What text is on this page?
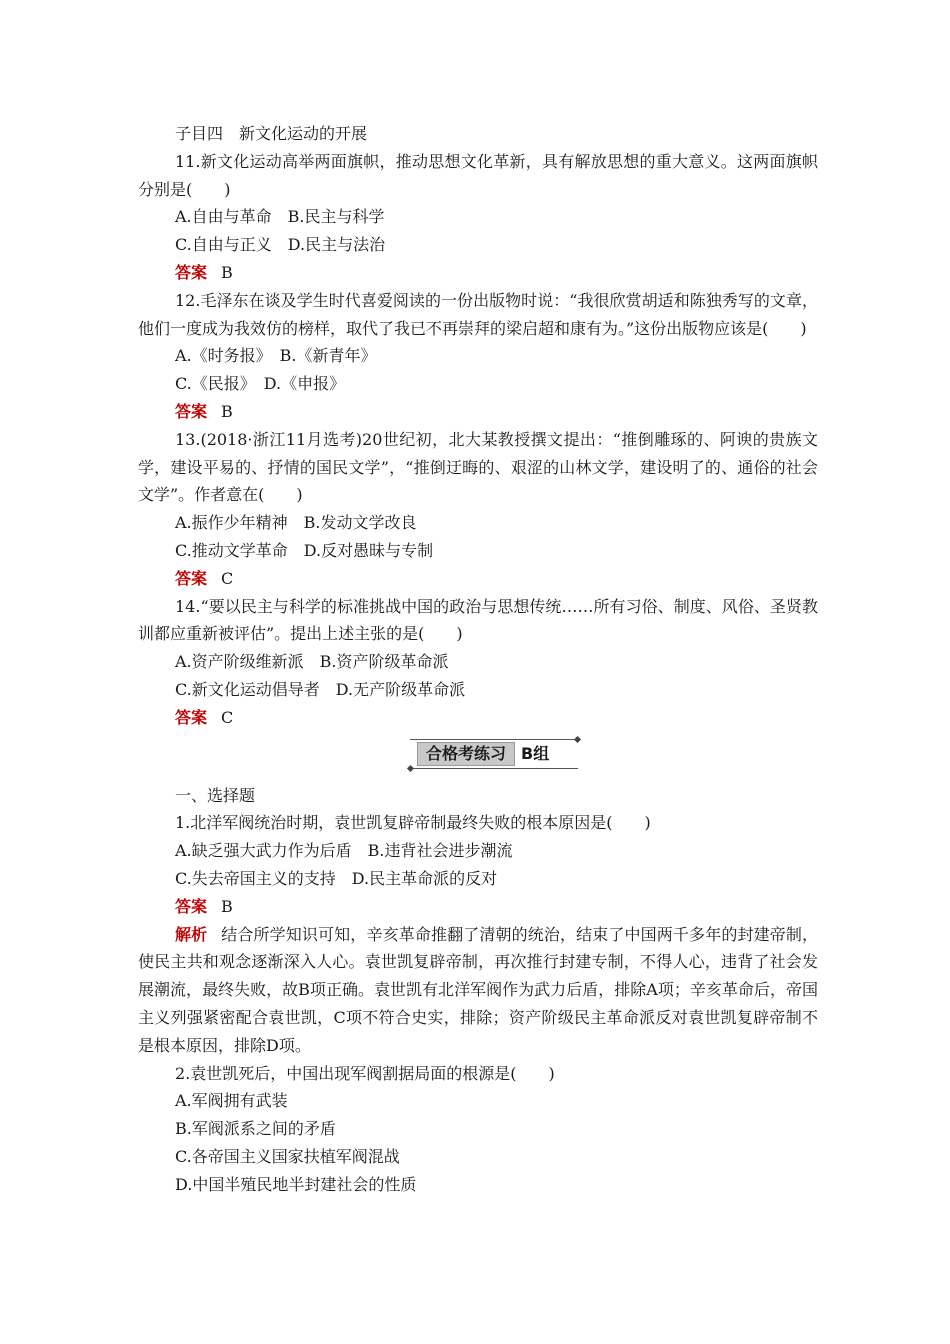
子目四　新文化运动的开展
11.新文化运动高举两面旗帜，推动思想文化革新，具有解放思想的重大意义。这两面旗帜分别是(　　)
A.自由与革命　B.民主与科学
C.自由与正义　D.民主与法治
答案 B
12.毛泽东在谈及学生时代喜爱阅读的一份出版物时说：“我很欣赏胡适和陈独秀写的文章，他们一度成为我效仿的榜样，取代了我已不再崇拜的梁启超和康有为。”这份出版物应该是(　　)
A.《时务报》　B.《新青年》
C.《民报》　D.《申报》
答案 B
13.(2018·浙江11月选考)20世纪初，北大某教授撰文提出：“推倒雕琢的、阿谀的贵族文学，建设平易的、抒情的国民文学”，“推倒迂晦的、艰涩的山林文学，建设明了的、通俗的社会文学”。作者意在(　　)
A.振作少年精神　B.发动文学改良
C.推动文学革命　D.反对愚昧与专制
答案 C
14.“要以民主与科学的标准挑战中国的政治与思想传统……所有习俗、制度、风俗、圣贤教训都应重新被评估”。提出上述主张的是(　　)
A.资产阶级维新派　B.资产阶级革命派
C.新文化运动倡导者　D.无产阶级革命派
答案 C
合格考练习 B组
一、选择题
1.北洋军阀统治时期，袁世凯复辟帝制最终失败的根本原因是(　　)
A.缺乏强大武力作为后盾　B.违背社会进步潮流
C.失去帝国主义的支持　D.民主革命派的反对
答案 B
解析 结合所学知识可知，辛亥革命推翻了清朝的统治，结束了中国两千多年的封建帝制，使民主共和观念逐渐深入人心。袁世凯复辟帝制，再次推行封建专制，不得人心，违背了社会发展潮流，最终失败，故B项正确。袁世凯有北洋军阀作为武力后盾，排除A项；辛亥革命后，帝国主义列强紧密配合袁世凯，C项不符合史实，排除；资产阶级民主革命派反对袁世凯复辟帝制不是根本原因，排除D项。
2.袁世凯死后，中国出现军阀割据局面的根源是(　　)
A.军阀拥有武装
B.军阀派系之间的矛盾
C.各帝国主义国家扶植军阀混战
D.中国半殖民地半封建社会的性质
